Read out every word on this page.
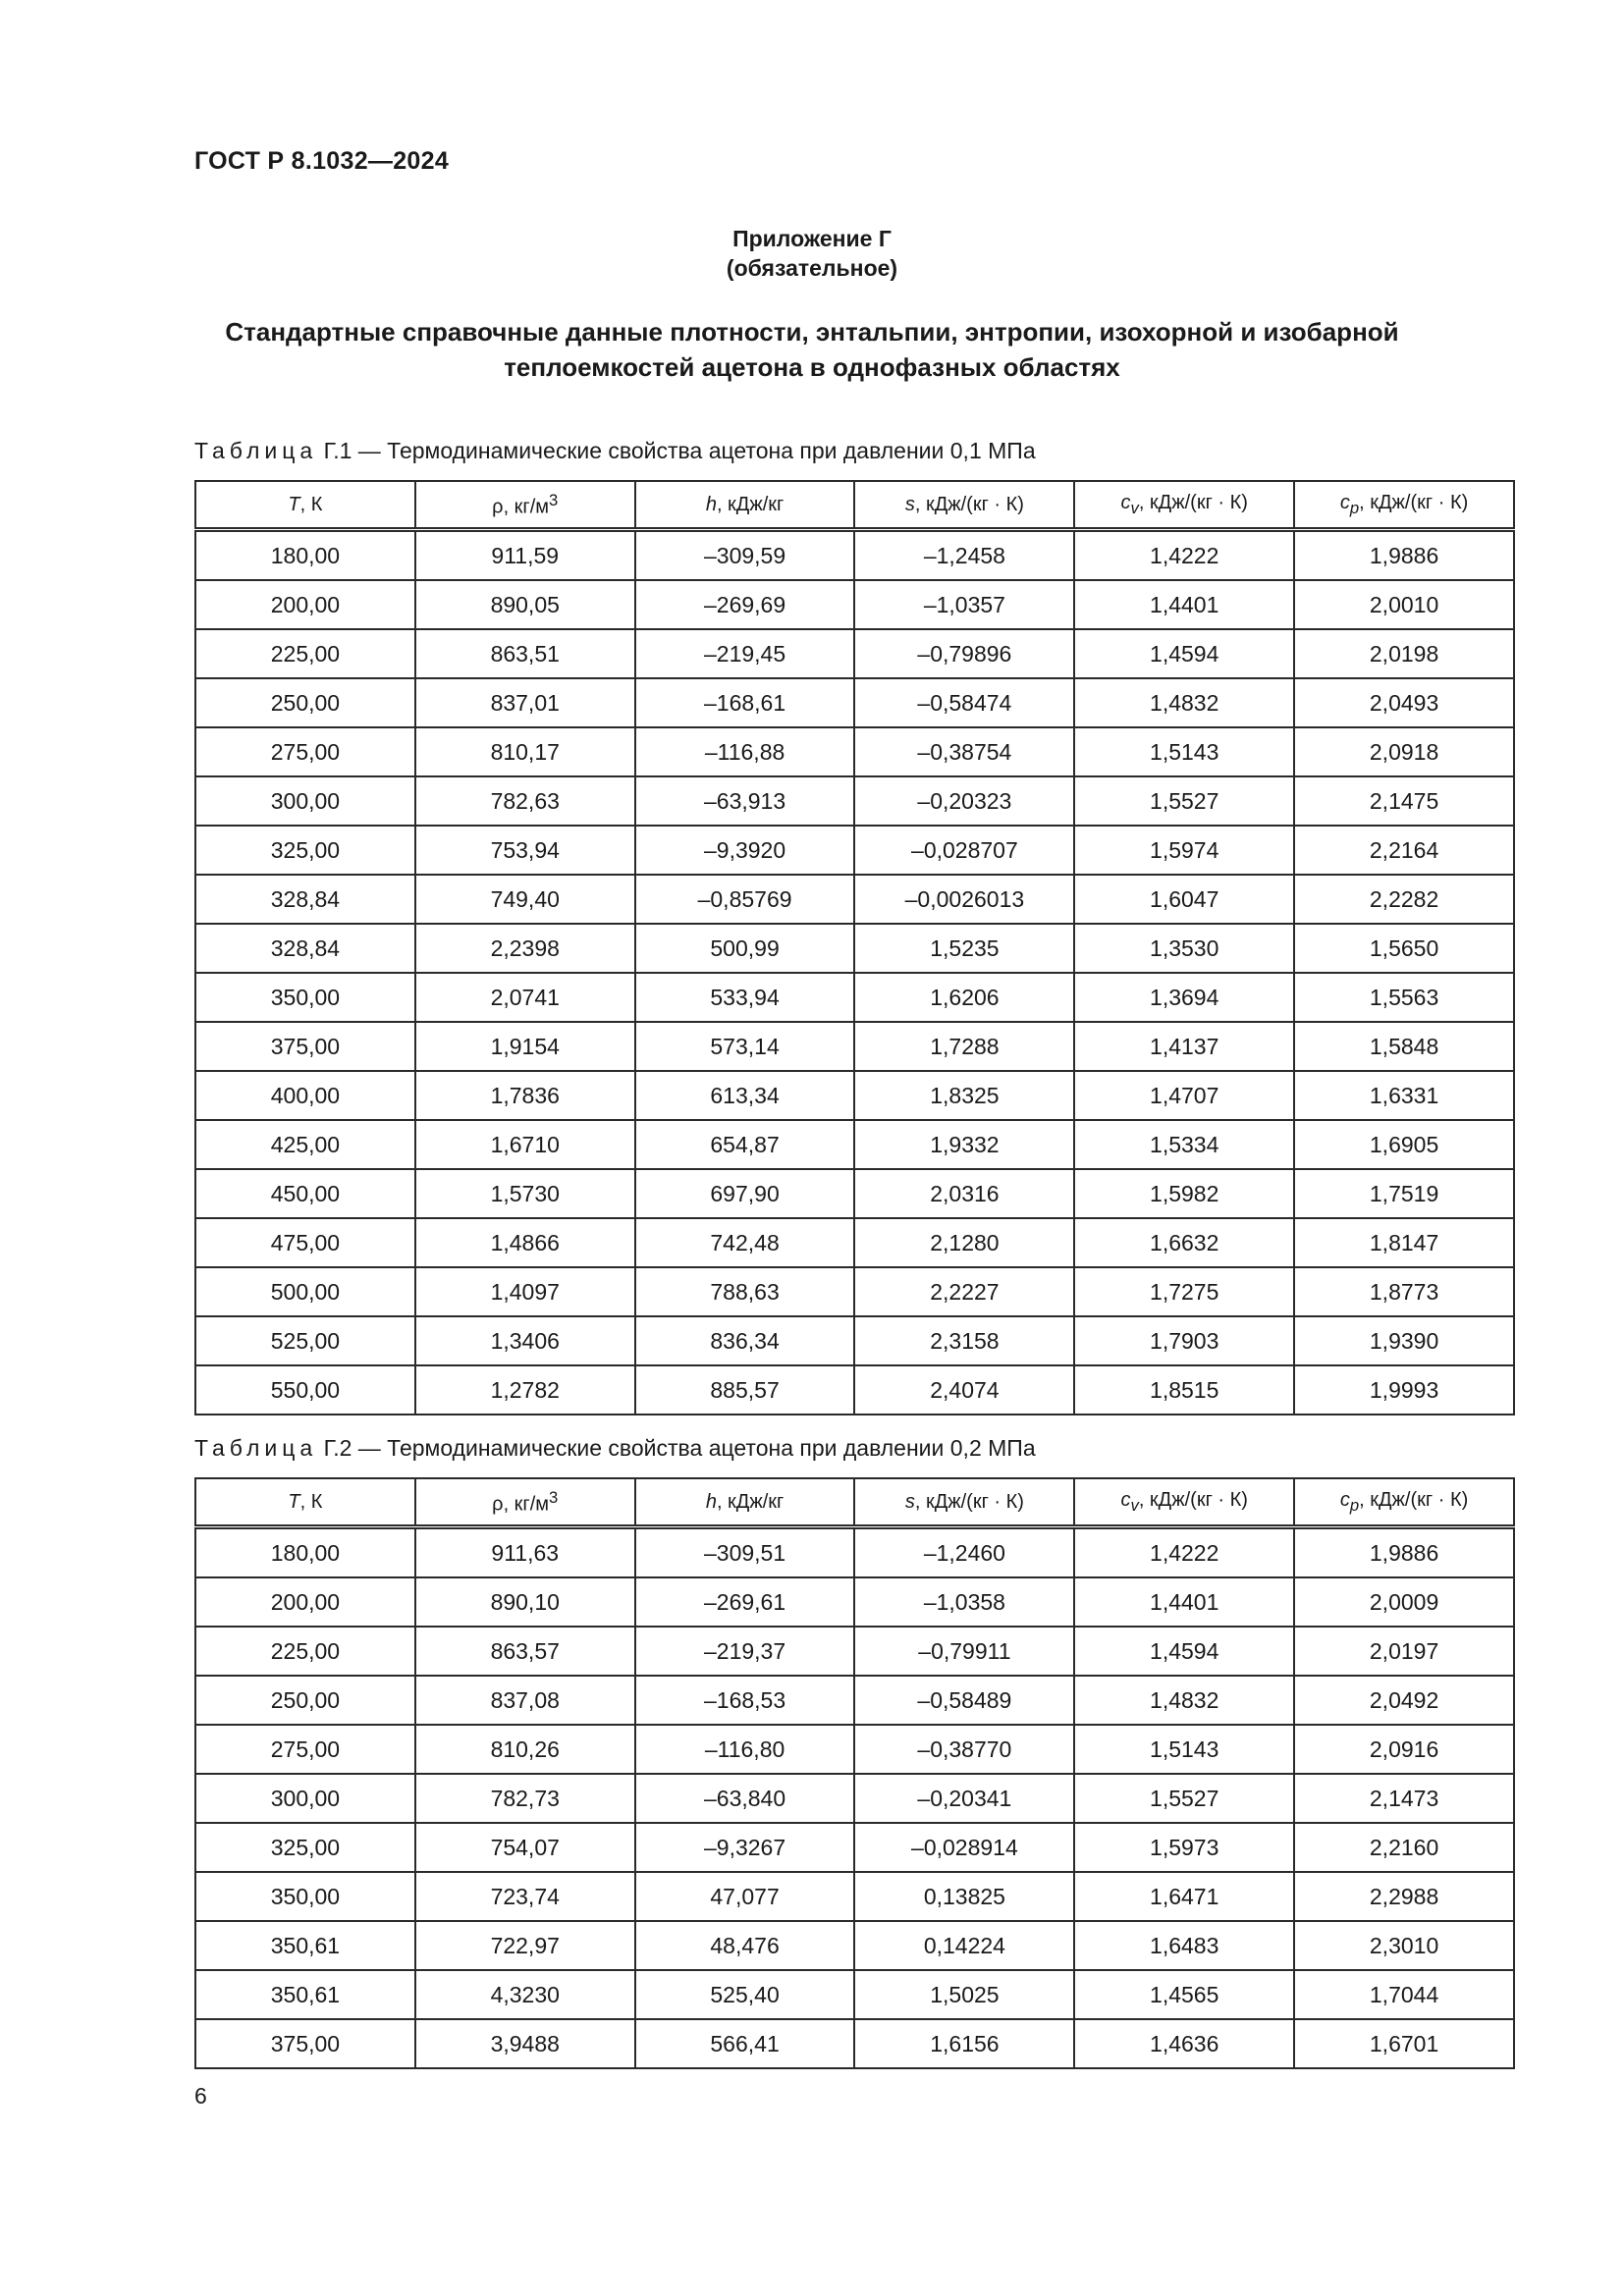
ГОСТ Р 8.1032—2024
Приложение Г
(обязательное)
Стандартные справочные данные плотности, энтальпии, энтропии, изохорной и изобарной
теплоемкостей ацетона в однофазных областях
Таблица Г.1 — Термодинамические свойства ацетона при давлении 0,1 МПа
T, К	ρ, $кг/м^3$	h, кДж/кг	s, кДж/(кг · К)	$c_v$, кДж/(кг · К)	$c_p$, кДж/(кг · К)
180,00	911,59	–309,59	–1,2458	1,4222	1,9886
200,00	890,05	–269,69	–1,0357	1,4401	2,0010
225,00	863,51	–219,45	–0,79896	1,4594	2,0198
250,00	837,01	–168,61	–0,58474	1,4832	2,0493
275,00	810,17	–116,88	–0,38754	1,5143	2,0918
300,00	782,63	–63,913	–0,20323	1,5527	2,1475
325,00	753,94	–9,3920	–0,028707	1,5974	2,2164
328,84	749,40	–0,85769	–0,0026013	1,6047	2,2282
328,84	2,2398	500,99	1,5235	1,3530	1,5650
350,00	2,0741	533,94	1,6206	1,3694	1,5563
375,00	1,9154	573,14	1,7288	1,4137	1,5848
400,00	1,7836	613,34	1,8325	1,4707	1,6331
425,00	1,6710	654,87	1,9332	1,5334	1,6905
450,00	1,5730	697,90	2,0316	1,5982	1,7519
475,00	1,4866	742,48	2,1280	1,6632	1,8147
500,00	1,4097	788,63	2,2227	1,7275	1,8773
525,00	1,3406	836,34	2,3158	1,7903	1,9390
550,00	1,2782	885,57	2,4074	1,8515	1,9993
Таблица Г.2 — Термодинамические свойства ацетона при давлении 0,2 МПа
T, К	ρ, $кг/м^3$	h, кДж/кг	s, кДж/(кг · К)	$c_v$, кДж/(кг · К)	$c_p$, кДж/(кг · К)
180,00	911,63	–309,51	–1,2460	1,4222	1,9886
200,00	890,10	–269,61	–1,0358	1,4401	2,0009
225,00	863,57	–219,37	–0,79911	1,4594	2,0197
250,00	837,08	–168,53	–0,58489	1,4832	2,0492
275,00	810,26	–116,80	–0,38770	1,5143	2,0916
300,00	782,73	–63,840	–0,20341	1,5527	2,1473
325,00	754,07	–9,3267	–0,028914	1,5973	2,2160
350,00	723,74	47,077	0,13825	1,6471	2,2988
350,61	722,97	48,476	0,14224	1,6483	2,3010
350,61	4,3230	525,40	1,5025	1,4565	1,7044
375,00	3,9488	566,41	1,6156	1,4636	1,6701
6
